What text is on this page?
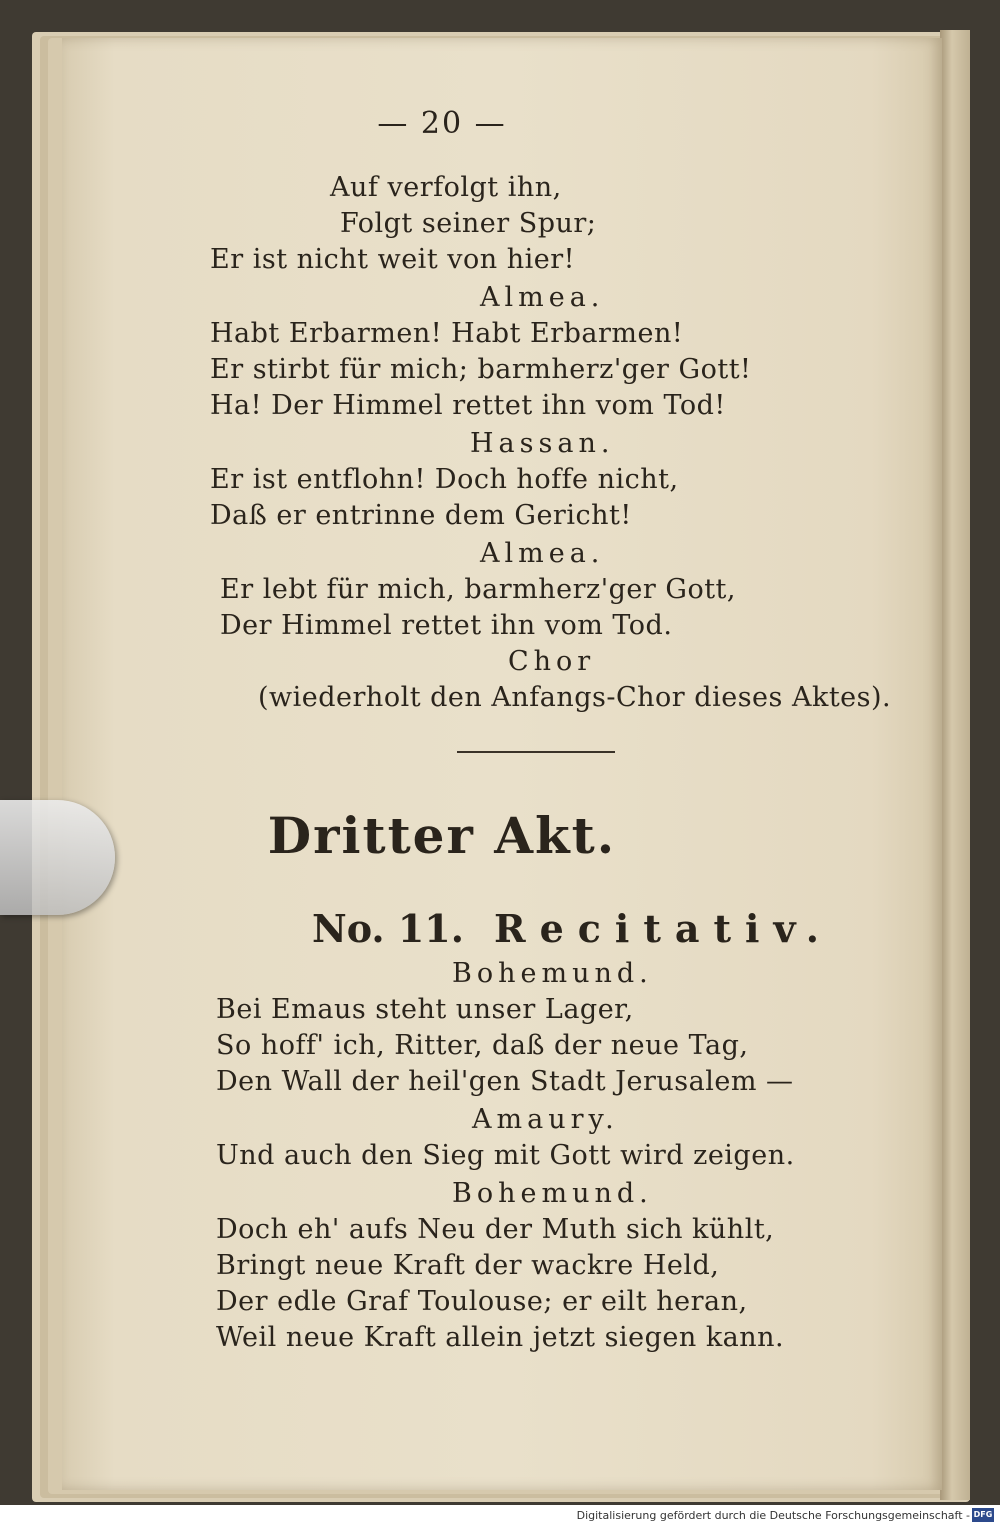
— 20 —
Auf verfolgt ihn,
Folgt seiner Spur;
Er ist nicht weit von hier!
Almea.
Habt Erbarmen! Habt Erbarmen!
Er stirbt für mich; barmherz'ger Gott!
Ha! Der Himmel rettet ihn vom Tod!
Hassan.
Er ist entflohn! Doch hoffe nicht,
Daß er entrinne dem Gericht!
Almea.
Er lebt für mich, barmherz'ger Gott,
Der Himmel rettet ihn vom Tod.
Chor
(wiederholt den Anfangs-Chor dieses Aktes).
Dritter Akt.
No. 11. Recitativ.
Bohemund.
Bei Emaus steht unser Lager,
So hoff' ich, Ritter, daß der neue Tag,
Den Wall der heil'gen Stadt Jerusalem —
Amaury.
Und auch den Sieg mit Gott wird zeigen.
Bohemund.
Doch eh' aufs Neu der Muth sich kühlt,
Bringt neue Kraft der wackre Held,
Der edle Graf Toulouse; er eilt heran,
Weil neue Kraft allein jetzt siegen kann.
Digitalisierung gefördert durch die Deutsche Forschungsgemeinschaft - DFG
